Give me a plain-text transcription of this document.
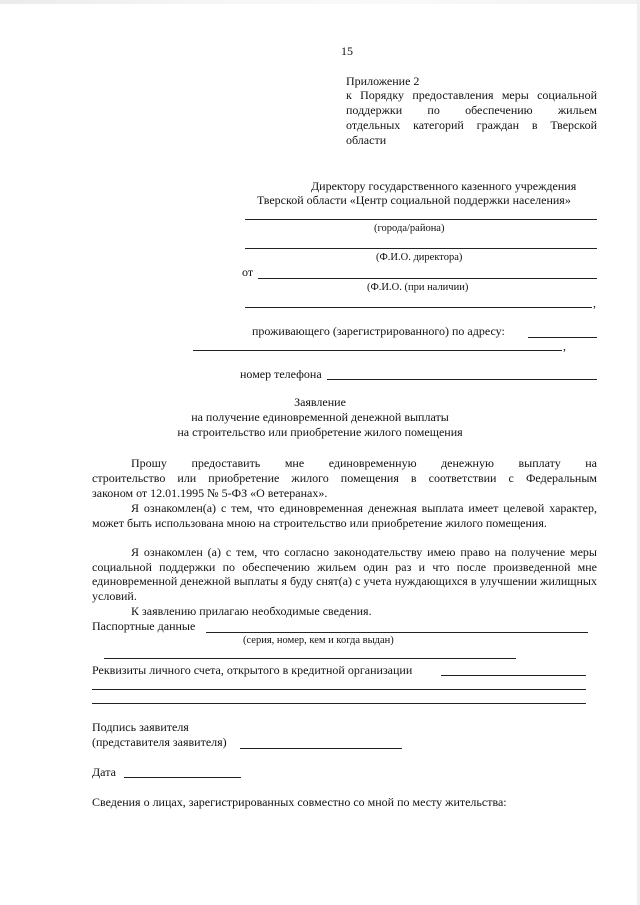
15
Приложение 2
к Порядку предоставления меры социальной
поддержки по обеспечению жильем
отдельных категорий граждан в Тверской
области
Директору государственного казенного учреждения
Тверской области «Центр социальной поддержки населения»
(города/района)
(Ф.И.О. директора)
от
(Ф.И.О. (при наличии)
,
проживающего (зарегистрированного) по адресу:
,
номер телефона
Заявление
на получение единовременной денежной выплаты
на строительство или приобретение жилого помещения
Прошу предоставить мне единовременную денежную выплату на
строительство или приобретение жилого помещения в соответствии с Федеральным
законом от 12.01.1995 № 5-ФЗ «О ветеранах».
Я ознакомлен(а) с тем, что единовременная денежная выплата имеет целевой характер, может быть использована мною на строительство или приобретение жилого помещения.
Я ознакомлен (а) с тем, что согласно законодательству имею право на получение меры социальной поддержки по обеспечению жильем один раз и что после произведенной мне единовременной денежной выплаты я буду снят(а) с учета нуждающихся в улучшении жилищных условий.
К заявлению прилагаю необходимые сведения.
Паспортные данные
(серия, номер, кем и когда выдан)
Реквизиты личного счета, открытого в кредитной организации
Подпись заявителя
(представителя заявителя)
Дата
Сведения о лицах, зарегистрированных совместно со мной по месту жительства:
